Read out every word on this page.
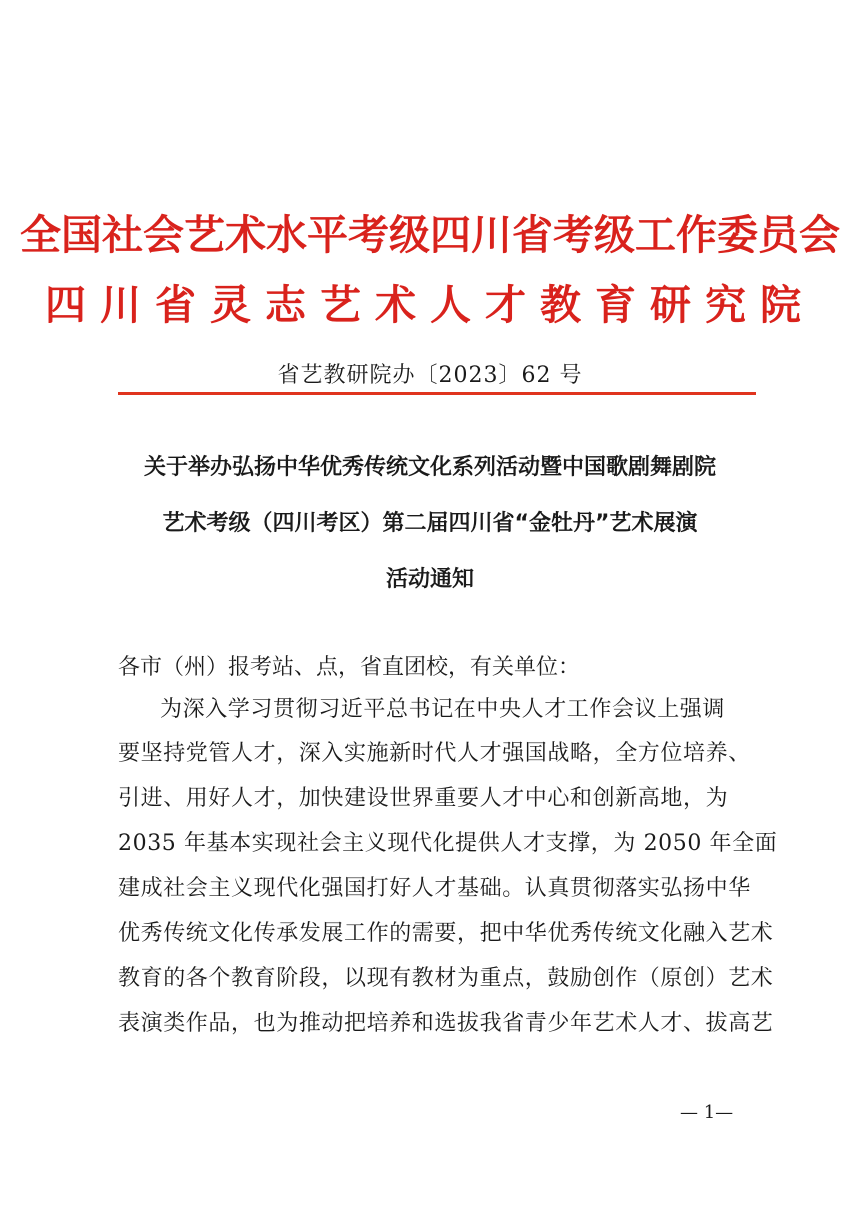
全国社会艺术水平考级四川省考级工作委员会
四川省灵志艺术人才教育研究院
省艺教研院办〔2023〕62 号
关于举办弘扬中华优秀传统文化系列活动暨中国歌剧舞剧院
艺术考级（四川考区）第二届四川省“金牡丹”艺术展演
活动通知
各市（州）报考站、点，省直团校，有关单位：
为深入学习贯彻习近平总书记在中央人才工作会议上强调
要坚持党管人才，深入实施新时代人才强国战略，全方位培养、
引进、用好人才，加快建设世界重要人才中心和创新高地，为
2035 年基本实现社会主义现代化提供人才支撑，为 2050 年全面
建成社会主义现代化强国打好人才基础。认真贯彻落实弘扬中华
优秀传统文化传承发展工作的需要，把中华优秀传统文化融入艺术
教育的各个教育阶段，以现有教材为重点，鼓励创作（原创）艺术
表演类作品，也为推动把培养和选拔我省青少年艺术人才、拔高艺
— 1—
